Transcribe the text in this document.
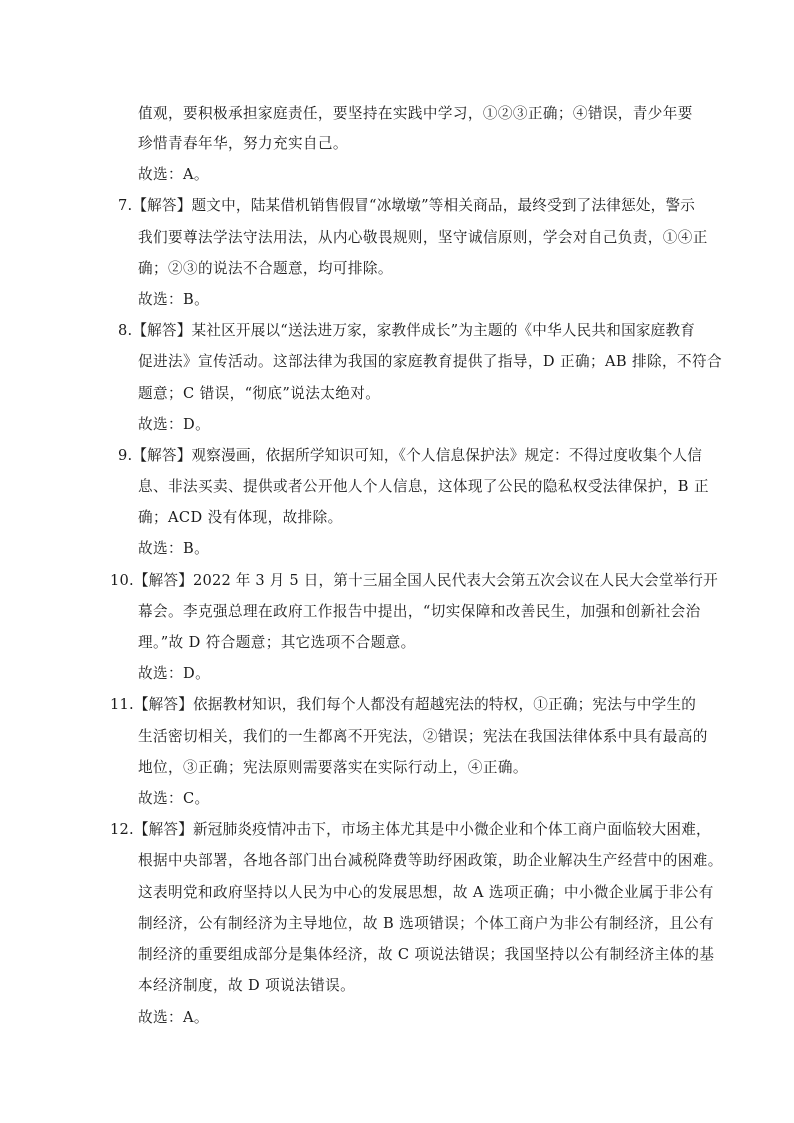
值观，要积极承担家庭责任，要坚持在实践中学习，①②③正确；④错误，青少年要
珍惜青春年华，努力充实自己。
故选：A。
7.【解答】题文中，陆某借机销售假冒“冰墩墩”等相关商品，最终受到了法律惩处，警示
我们要尊法学法守法用法，从内心敬畏规则，坚守诚信原则，学会对自己负责，①④正
确；②③的说法不合题意，均可排除。
故选：B。
8.【解答】某社区开展以“送法进万家，家教伴成长”为主题的《中华人民共和国家庭教育
促进法》宣传活动。这部法律为我国的家庭教育提供了指导，D 正确；AB 排除，不符合
题意；C 错误，“彻底”说法太绝对。
故选：D。
9.【解答】观察漫画，依据所学知识可知，《个人信息保护法》规定：不得过度收集个人信
息、非法买卖、提供或者公开他人个人信息，这体现了公民的隐私权受法律保护，B 正
确；ACD 没有体现，故排除。
故选：B。
10.【解答】2022 年 3 月 5 日，第十三届全国人民代表大会第五次会议在人民大会堂举行开
幕会。李克强总理在政府工作报告中提出，“切实保障和改善民生，加强和创新社会治
理。”故 D 符合题意；其它选项不合题意。
故选：D。
11.【解答】依据教材知识，我们每个人都没有超越宪法的特权，①正确；宪法与中学生的
生活密切相关，我们的一生都离不开宪法，②错误；宪法在我国法律体系中具有最高的
地位，③正确；宪法原则需要落实在实际行动上，④正确。
故选：C。
12.【解答】新冠肺炎疫情冲击下，市场主体尤其是中小微企业和个体工商户面临较大困难，
根据中央部署，各地各部门出台减税降费等助纾困政策，助企业解决生产经营中的困难。
这表明党和政府坚持以人民为中心的发展思想，故 A 选项正确；中小微企业属于非公有
制经济，公有制经济为主导地位，故 B 选项错误；个体工商户为非公有制经济，且公有
制经济的重要组成部分是集体经济，故 C 项说法错误；我国坚持以公有制经济主体的基
本经济制度，故 D 项说法错误。
故选：A。
